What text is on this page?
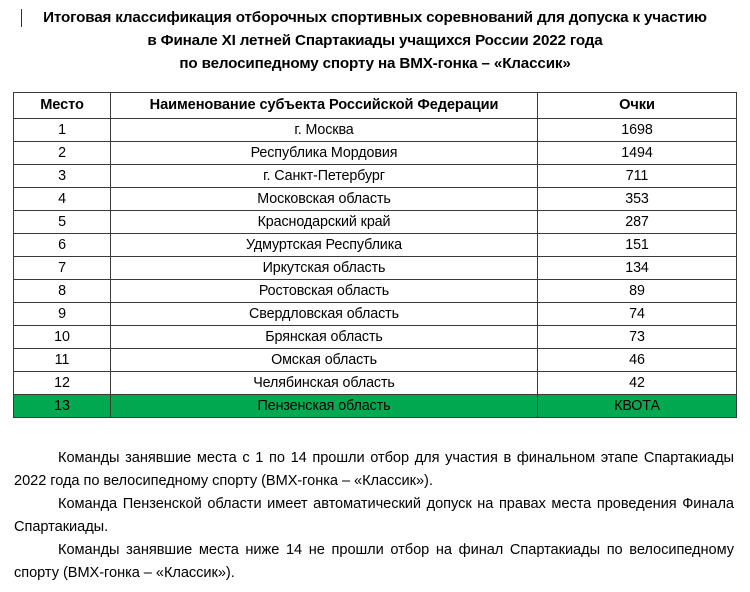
Итоговая классификация отборочных спортивных соревнований для допуска к участию
в Финале XI летней Спартакиады учащихся России 2022 года
по велосипедному спорту на ВМХ-гонка – «Классик»
Место	Наименование субъекта Российской Федерации	Очки
1	г. Москва	1698
2	Республика Мордовия	1494
3	г. Санкт-Петербург	711
4	Московская область	353
5	Краснодарский край	287
6	Удмуртская Республика	151
7	Иркутская область	134
8	Ростовская область	89
9	Свердловская область	74
10	Брянская область	73
11	Омская область	46
12	Челябинская область	42
13	Пензенская область	КВОТА

Команды занявшие места с 1 по 14 прошли отбор для участия в финальном этапе Спартакиады 2022 года по велосипедному спорту (ВМХ-гонка – «Классик»).

Команда Пензенской области имеет автоматический допуск на правах места проведения Финала Спартакиады.

Команды занявшие места ниже 14 не прошли отбор на финал Спартакиады по велосипедному спорту (ВМХ-гонка – «Классик»).
